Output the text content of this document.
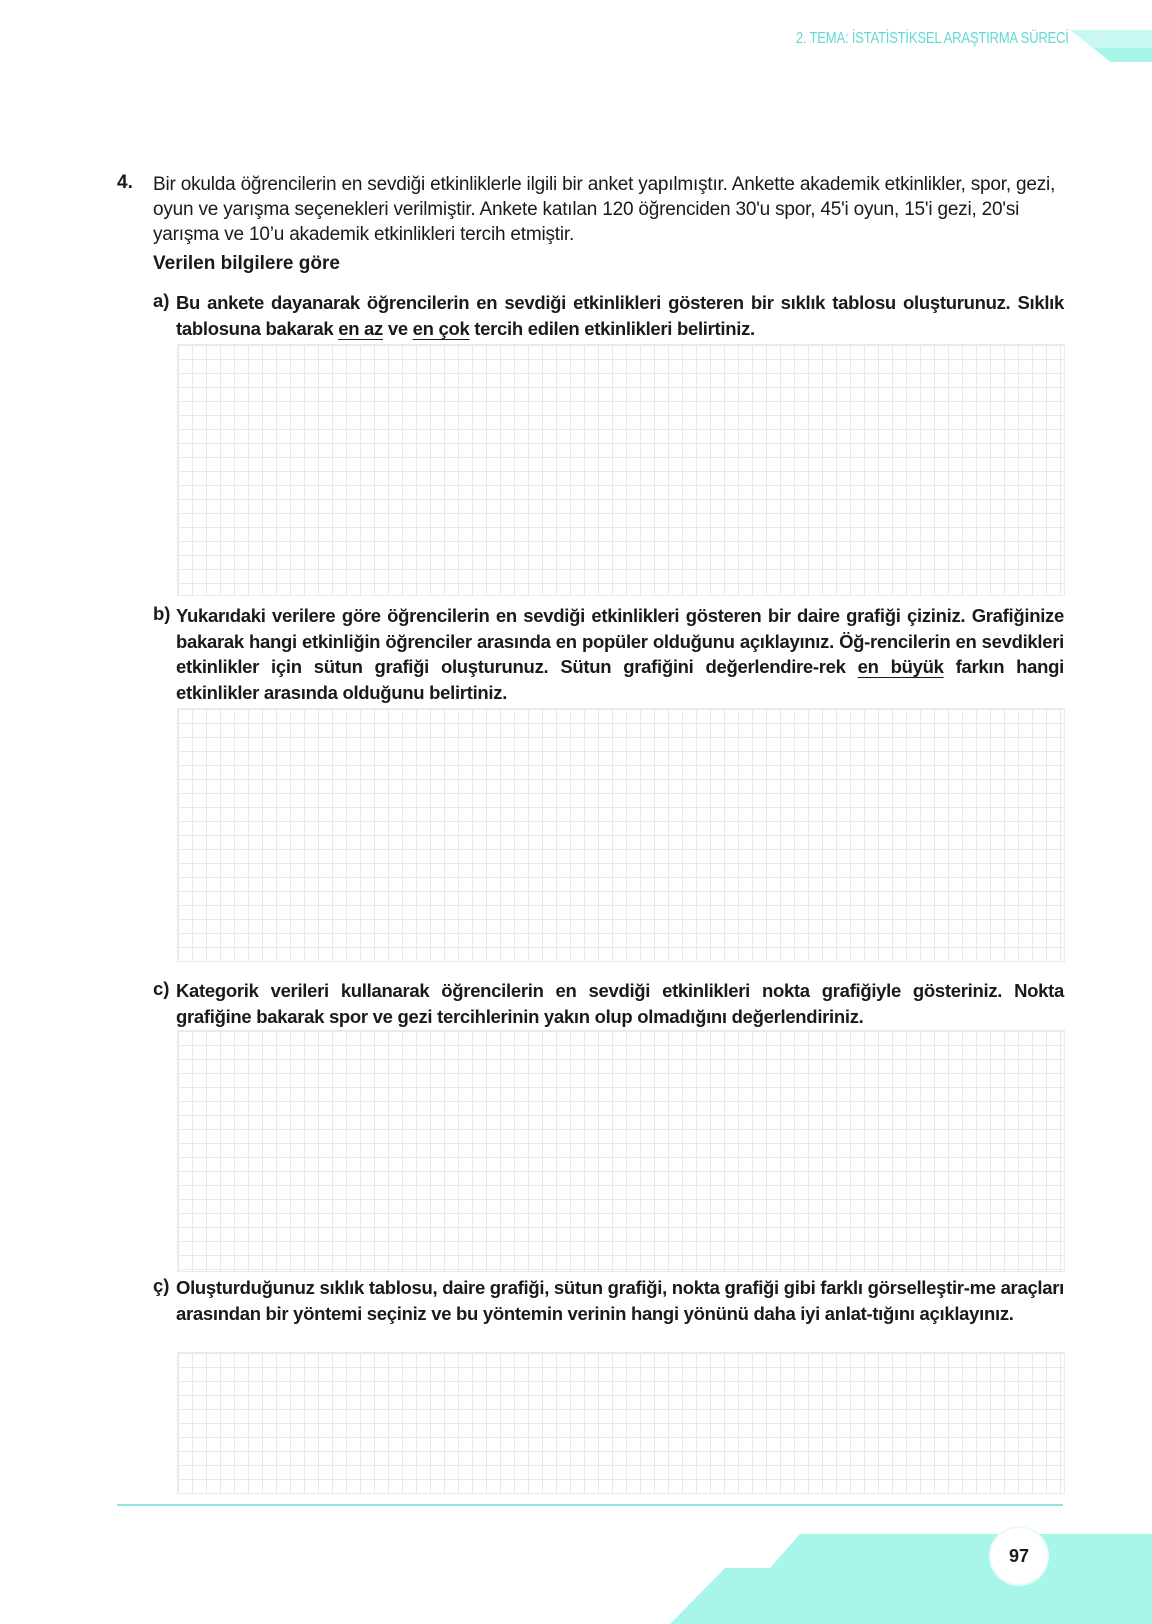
2. TEMA: İSTATİSTİKSEL ARAŞTIRMA SÜRECİ
4. Bir okulda öğrencilerin en sevdiği etkinliklerle ilgili bir anket yapılmıştır. Ankette akademik etkinlikler, spor, gezi, oyun ve yarışma seçenekleri verilmiştir. Ankete katılan 120 öğrenciden 30'u spor, 45'i oyun, 15'i gezi, 20'si yarışma ve 10’u akademik etkinlikleri tercih etmiştir.
Verilen bilgilere göre
a) Bu ankete dayanarak öğrencilerin en sevdiği etkinlikleri gösteren bir sıklık tablosu oluşturunuz. Sıklık tablosuna bakarak en az ve en çok tercih edilen etkinlikleri belirtiniz.
b) Yukarıdaki verilere göre öğrencilerin en sevdiği etkinlikleri gösteren bir daire grafiği çiziniz. Grafiğinize bakarak hangi etkinliğin öğrenciler arasında en popüler olduğunu açıklayınız. Öğ-rencilerin en sevdikleri etkinlikler için sütun grafiği oluşturunuz. Sütun grafiğini değerlendire-rek en büyük farkın hangi etkinlikler arasında olduğunu belirtiniz.
c) Kategorik verileri kullanarak öğrencilerin en sevdiği etkinlikleri nokta grafiğiyle gösteriniz. Nokta grafiğine bakarak spor ve gezi tercihlerinin yakın olup olmadığını değerlendiriniz.
ç) Oluşturduğunuz sıklık tablosu, daire grafiği, sütun grafiği, nokta grafiği gibi farklı görselleştir-me araçları arasından bir yöntemi seçiniz ve bu yöntemin verinin hangi yönünü daha iyi anlat-tığını açıklayınız.
97
